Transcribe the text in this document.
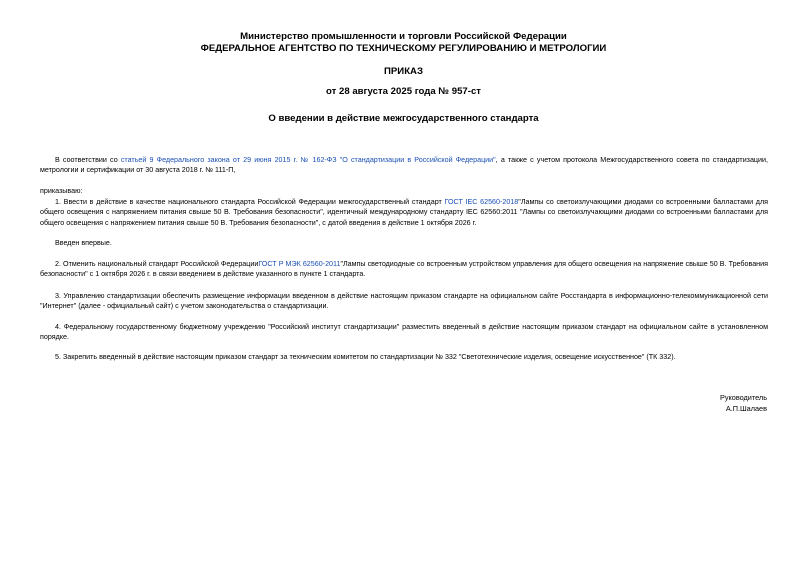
Министерство промышленности и торговли Российской Федерации
ФЕДЕРАЛЬНОЕ АГЕНТСТВО ПО ТЕХНИЧЕСКОМУ РЕГУЛИРОВАНИЮ И МЕТРОЛОГИИ
ПРИКАЗ
от 28 августа 2025 года № 957-ст
О введении в действие межгосударственного стандарта
В соответствии со статьей 9 Федерального закона от 29 июня 2015 г. № 162-ФЗ "О стандартизации в Российской Федерации", а также с учетом протокола Межгосударственного совета по стандартизации, метрологии и сертификации от 30 августа 2018 г. № 111-П,
приказываю:
1. Ввести в действие в качестве национального стандарта Российской Федерации межгосударственный стандарт ГОСТ IEC 62560-2018"Лампы со светоизлучающими диодами со встроенными балластами для общего освещения с напряжением питания свыше 50 В. Требования безопасности", идентичный международному стандарту IEC 62560:2011 "Лампы со светоизлучающими диодами со встроенными балластами для общего освещения с напряжением питания свыше 50 В. Требования безопасности", с датой введения в действие 1 октября 2026 г.
Введен впервые.
2. Отменить национальный стандарт Российской ФедерацииГОСТ Р МЭК 62560-2011"Лампы светодиодные со встроенным устройством управления для общего освещения на напряжение свыше 50 В. Требования безопасности" с 1 октября 2026 г. в связи введением в действие указанного в пункте 1 стандарта.
3. Управлению стандартизации обеспечить размещение информации введенном в действие настоящим приказом стандарте на официальном сайте Росстандарта в информационно-телекоммуникационной сети "Интернет" (далее - официальный сайт) с учетом законодательства о стандартизации.
4. Федеральному государственному бюджетному учреждению "Российский институт стандартизации" разместить введенный в действие настоящим приказом стандарт на официальном сайте в установленном порядке.
5. Закрепить введенный в действие настоящим приказом стандарт за техническим комитетом по стандартизации № 332 "Светотехнические изделия, освещение искусственное" (ТК 332).
Руководитель
А.П.Шалаев
